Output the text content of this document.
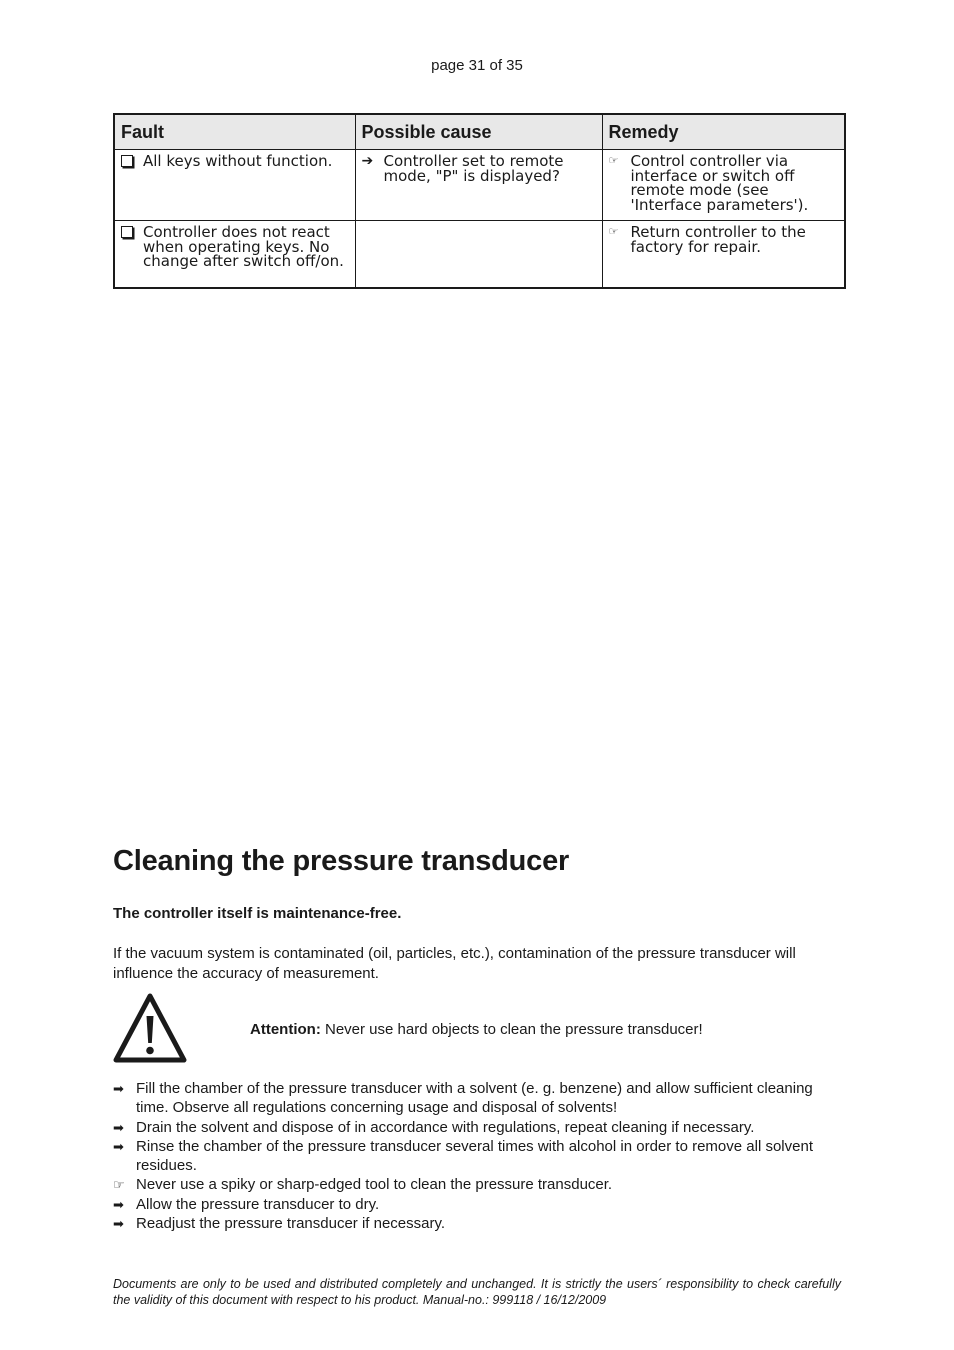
page 31 of 35
Fault	Possible cause	Remedy

All keys without function.	➔ Controller set to remote mode, "P" is displayed?	☞ Control controller via interface or switch off remote mode (see 'Interface parameters').

Controller does not react when operating keys. No change after switch off/on.		☞ Return controller to the factory for repair.
Cleaning the pressure transducer
The controller itself is maintenance-free.
If the vacuum system is contaminated (oil, particles, etc.), contamination of the pressure transducer will influence the accuracy of measurement.
Attention: Never use hard objects to clean the pressure transducer!
➡ Fill the chamber of the pressure transducer with a solvent (e. g. benzene) and allow sufficient cleaning time. Observe all regulations concerning usage and disposal of solvents!
➡ Drain the solvent and dispose of in accordance with regulations, repeat cleaning if necessary.
➡ Rinse the chamber of the pressure transducer several times with alcohol in order to remove all solvent residues.
☞ Never use a spiky or sharp-edged tool to clean the pressure transducer.
➡ Allow the pressure transducer to dry.
➡ Readjust the pressure transducer if necessary.
Documents are only to be used and distributed completely and unchanged. It is strictly the users´ responsibility to check carefully the validity of this document with respect to his product. Manual-no.: 999118 / 16/12/2009
